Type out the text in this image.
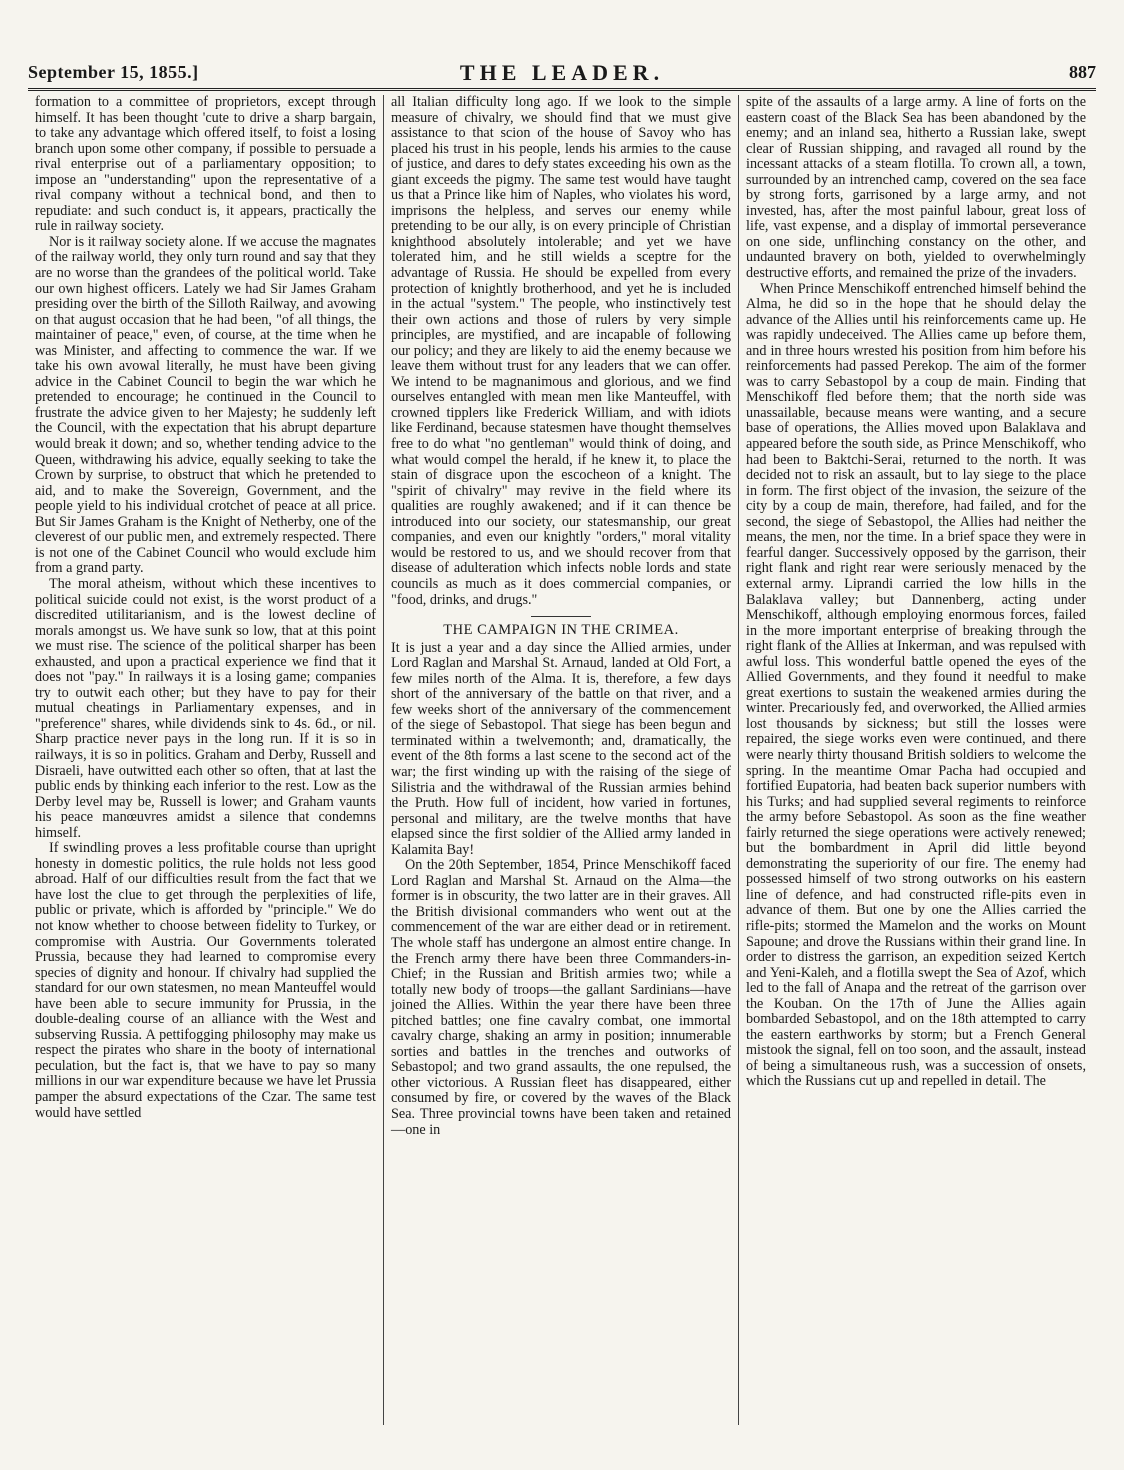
September 15, 1855.]	THE LEADER.	887

formation to a committee of proprietors, except through himself. It has been thought 'cute to drive a sharp bargain, to take any advantage which offered itself, to foist a losing branch upon some other company, if possible to persuade a rival enterprise out of a parliamentary opposition; to impose an "understanding" upon the representative of a rival company without a technical bond, and then to repudiate: and such conduct is, it appears, practically the rule in railway society.

Nor is it railway society alone. If we accuse the magnates of the railway world, they only turn round and say that they are no worse than the grandees of the political world. Take our own highest officers. Lately we had Sir James Graham presiding over the birth of the Silloth Railway, and avowing on that august occasion that he had been, "of all things, the maintainer of peace," even, of course, at the time when he was Minister, and affecting to commence the war. If we take his own avowal literally, he must have been giving advice in the Cabinet Council to begin the war which he pretended to encourage; he continued in the Council to frustrate the advice given to her Majesty; he suddenly left the Council, with the expectation that his abrupt departure would break it down; and so, whether tending advice to the Queen, withdrawing his advice, equally seeking to take the Crown by surprise, to obstruct that which he pretended to aid, and to make the Sovereign, Government, and the people yield to his individual crotchet of peace at all price. But Sir James Graham is the Knight of Netherby, one of the cleverest of our public men, and extremely respected. There is not one of the Cabinet Council who would exclude him from a grand party.

The moral atheism, without which these incentives to political suicide could not exist, is the worst product of a discredited utilitarianism, and is the lowest decline of morals amongst us. We have sunk so low, that at this point we must rise. The science of the political sharper has been exhausted, and upon a practical experience we find that it does not "pay." In railways it is a losing game; companies try to outwit each other; but they have to pay for their mutual cheatings in Parliamentary expenses, and in "preference" shares, while dividends sink to 4s. 6d., or nil. Sharp practice never pays in the long run. If it is so in railways, it is so in politics. Graham and Derby, Russell and Disraeli, have outwitted each other so often, that at last the public ends by thinking each inferior to the rest. Low as the Derby level may be, Russell is lower; and Graham vaunts his peace manœuvres amidst a silence that condemns himself.

If swindling proves a less profitable course than upright honesty in domestic politics, the rule holds not less good abroad. Half of our difficulties result from the fact that we have lost the clue to get through the perplexities of life, public or private, which is afforded by "principle." We do not know whether to choose between fidelity to Turkey, or compromise with Austria. Our Governments tolerated Prussia, because they had learned to compromise every species of dignity and honour. If chivalry had supplied the standard for our own statesmen, no mean Manteuffel would have been able to secure immunity for Prussia, in the double-dealing course of an alliance with the West and subserving Russia. A pettifogging philosophy may make us respect the pirates who share in the booty of international peculation, but the fact is, that we have to pay so many millions in our war expenditure because we have let Prussia pamper the absurd expectations of the Czar. The same test would have settled

all Italian difficulty long ago. If we look to the simple measure of chivalry, we should find that we must give assistance to that scion of the house of Savoy who has placed his trust in his people, lends his armies to the cause of justice, and dares to defy states exceeding his own as the giant exceeds the pigmy. The same test would have taught us that a Prince like him of Naples, who violates his word, imprisons the helpless, and serves our enemy while pretending to be our ally, is on every principle of Christian knighthood absolutely intolerable; and yet we have tolerated him, and he still wields a sceptre for the advantage of Russia. He should be expelled from every protection of knightly brotherhood, and yet he is included in the actual "system." The people, who instinctively test their own actions and those of rulers by very simple principles, are mystified, and are incapable of following our policy; and they are likely to aid the enemy because we leave them without trust for any leaders that we can offer. We intend to be magnanimous and glorious, and we find ourselves entangled with mean men like Manteuffel, with crowned tipplers like Frederick William, and with idiots like Ferdinand, because statesmen have thought themselves free to do what "no gentleman" would think of doing, and what would compel the herald, if he knew it, to place the stain of disgrace upon the escocheon of a knight. The "spirit of chivalry" may revive in the field where its qualities are roughly awakened; and if it can thence be introduced into our society, our statesmanship, our great companies, and even our knightly "orders," moral vitality would be restored to us, and we should recover from that disease of adulteration which infects noble lords and state councils as much as it does commercial companies, or "food, drinks, and drugs."

THE CAMPAIGN IN THE CRIMEA.

It is just a year and a day since the Allied armies, under Lord Raglan and Marshal St. Arnaud, landed at Old Fort, a few miles north of the Alma. It is, therefore, a few days short of the anniversary of the battle on that river, and a few weeks short of the anniversary of the commencement of the siege of Sebastopol. That siege has been begun and terminated within a twelvemonth; and, dramatically, the event of the 8th forms a last scene to the second act of the war; the first winding up with the raising of the siege of Silistria and the withdrawal of the Russian armies behind the Pruth. How full of incident, how varied in fortunes, personal and military, are the twelve months that have elapsed since the first soldier of the Allied army landed in Kalamita Bay!

On the 20th September, 1854, Prince Menschikoff faced Lord Raglan and Marshal St. Arnaud on the Alma—the former is in obscurity, the two latter are in their graves. All the British divisional commanders who went out at the commencement of the war are either dead or in retirement. The whole staff has undergone an almost entire change. In the French army there have been three Commanders-in-Chief; in the Russian and British armies two; while a totally new body of troops—the gallant Sardinians—have joined the Allies. Within the year there have been three pitched battles; one fine cavalry combat, one immortal cavalry charge, shaking an army in position; innumerable sorties and battles in the trenches and outworks of Sebastopol; and two grand assaults, the one repulsed, the other victorious. A Russian fleet has disappeared, either consumed by fire, or covered by the waves of the Black Sea. Three provincial towns have been taken and retained—one in

spite of the assaults of a large army. A line of forts on the eastern coast of the Black Sea has been abandoned by the enemy; and an inland sea, hitherto a Russian lake, swept clear of Russian shipping, and ravaged all round by the incessant attacks of a steam flotilla. To crown all, a town, surrounded by an intrenched camp, covered on the sea face by strong forts, garrisoned by a large army, and not invested, has, after the most painful labour, great loss of life, vast expense, and a display of immortal perseverance on one side, unflinching constancy on the other, and undaunted bravery on both, yielded to overwhelmingly destructive efforts, and remained the prize of the invaders.

When Prince Menschikoff entrenched himself behind the Alma, he did so in the hope that he should delay the advance of the Allies until his reinforcements came up. He was rapidly undeceived. The Allies came up before them, and in three hours wrested his position from him before his reinforcements had passed Perekop. The aim of the former was to carry Sebastopol by a coup de main. Finding that Menschikoff fled before them; that the north side was unassailable, because means were wanting, and a secure base of operations, the Allies moved upon Balaklava and appeared before the south side, as Prince Menschikoff, who had been to Baktchi-Serai, returned to the north. It was decided not to risk an assault, but to lay siege to the place in form. The first object of the invasion, the seizure of the city by a coup de main, therefore, had failed, and for the second, the siege of Sebastopol, the Allies had neither the means, the men, nor the time. In a brief space they were in fearful danger. Successively opposed by the garrison, their right flank and right rear were seriously menaced by the external army. Liprandi carried the low hills in the Balaklava valley; but Dannenberg, acting under Menschikoff, although employing enormous forces, failed in the more important enterprise of breaking through the right flank of the Allies at Inkerman, and was repulsed with awful loss. This wonderful battle opened the eyes of the Allied Governments, and they found it needful to make great exertions to sustain the weakened armies during the winter. Precariously fed, and overworked, the Allied armies lost thousands by sickness; but still the losses were repaired, the siege works even were continued, and there were nearly thirty thousand British soldiers to welcome the spring. In the meantime Omar Pacha had occupied and fortified Eupatoria, had beaten back superior numbers with his Turks; and had supplied several regiments to reinforce the army before Sebastopol. As soon as the fine weather fairly returned the siege operations were actively renewed; but the bombardment in April did little beyond demonstrating the superiority of our fire. The enemy had possessed himself of two strong outworks on his eastern line of defence, and had constructed rifle-pits even in advance of them. But one by one the Allies carried the rifle-pits; stormed the Mamelon and the works on Mount Sapoune; and drove the Russians within their grand line. In order to distress the garrison, an expedition seized Kertch and Yeni-Kaleh, and a flotilla swept the Sea of Azof, which led to the fall of Anapa and the retreat of the garrison over the Kouban. On the 17th of June the Allies again bombarded Sebastopol, and on the 18th attempted to carry the eastern earthworks by storm; but a French General mistook the signal, fell on too soon, and the assault, instead of being a simultaneous rush, was a succession of onsets, which the Russians cut up and repelled in detail. The
